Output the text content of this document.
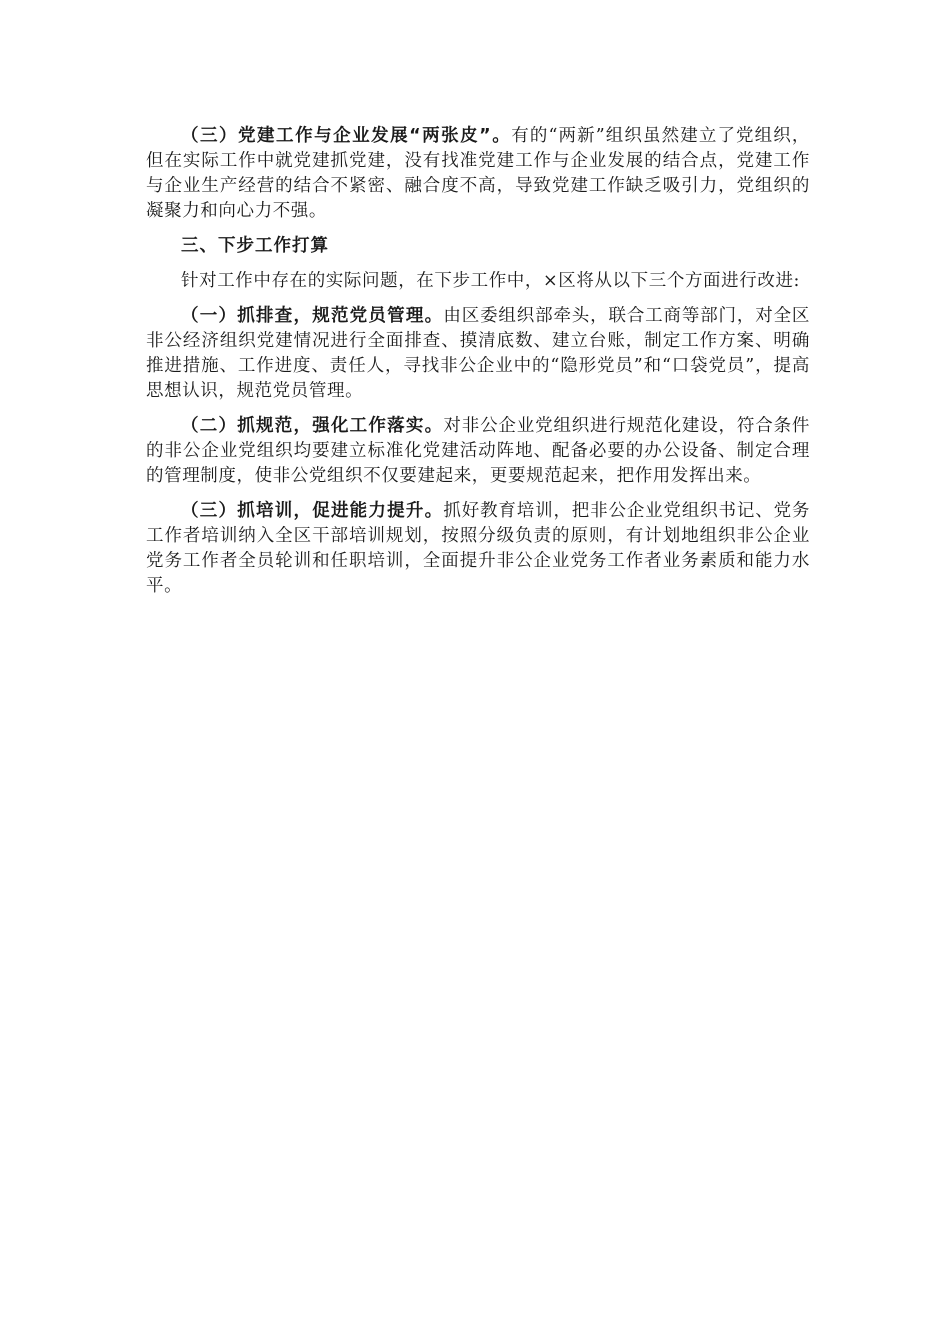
（三）党建工作与企业发展“两张皮”。有的“两新”组织虽然建立了党组织，但在实际工作中就党建抓党建，没有找准党建工作与企业发展的结合点，党建工作与企业生产经营的结合不紧密、融合度不高，导致党建工作缺乏吸引力，党组织的凝聚力和向心力不强。

三、下步工作打算

针对工作中存在的实际问题，在下步工作中，×区将从以下三个方面进行改进:

（一）抓排查，规范党员管理。由区委组织部牵头，联合工商等部门，对全区非公经济组织党建情况进行全面排查、摸清底数、建立台账，制定工作方案、明确推进措施、工作进度、责任人，寻找非公企业中的“隐形党员”和“口袋党员”，提高思想认识，规范党员管理。

（二）抓规范，强化工作落实。对非公企业党组织进行规范化建设，符合条件的非公企业党组织均要建立标准化党建活动阵地、配备必要的办公设备、制定合理的管理制度，使非公党组织不仅要建起来，更要规范起来，把作用发挥出来。

（三）抓培训，促进能力提升。抓好教育培训，把非公企业党组织书记、党务工作者培训纳入全区干部培训规划，按照分级负责的原则，有计划地组织非公企业党务工作者全员轮训和任职培训，全面提升非公企业党务工作者业务素质和能力水平。
